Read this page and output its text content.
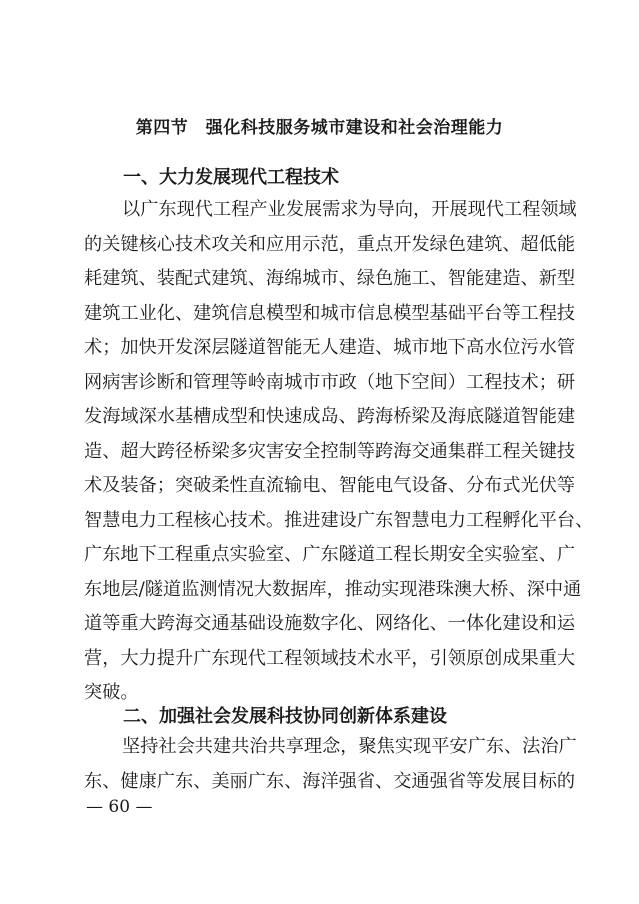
第四节　强化科技服务城市建设和社会治理能力
一、大力发展现代工程技术

以广东现代工程产业发展需求为导向，开展现代工程领域
的关键核心技术攻关和应用示范，重点开发绿色建筑、超低能
耗建筑、装配式建筑、海绵城市、绿色施工、智能建造、新型
建筑工业化、建筑信息模型和城市信息模型基础平台等工程技
术；加快开发深层隧道智能无人建造、城市地下高水位污水管
网病害诊断和管理等岭南城市市政（地下空间）工程技术；研
发海域深水基槽成型和快速成岛、跨海桥梁及海底隧道智能建
造、超大跨径桥梁多灾害安全控制等跨海交通集群工程关键技
术及装备；突破柔性直流输电、智能电气设备、分布式光伏等
智慧电力工程核心技术。推进建设广东智慧电力工程孵化平台、
广东地下工程重点实验室、广东隧道工程长期安全实验室、广
东地层/隧道监测情况大数据库，推动实现港珠澳大桥、深中通
道等重大跨海交通基础设施数字化、网络化、一体化建设和运
营，大力提升广东现代工程领域技术水平，引领原创成果重大
突破。

二、加强社会发展科技协同创新体系建设

坚持社会共建共治共享理念，聚焦实现平安广东、法治广
东、健康广东、美丽广东、海洋强省、交通强省等发展目标的

— 60 —
